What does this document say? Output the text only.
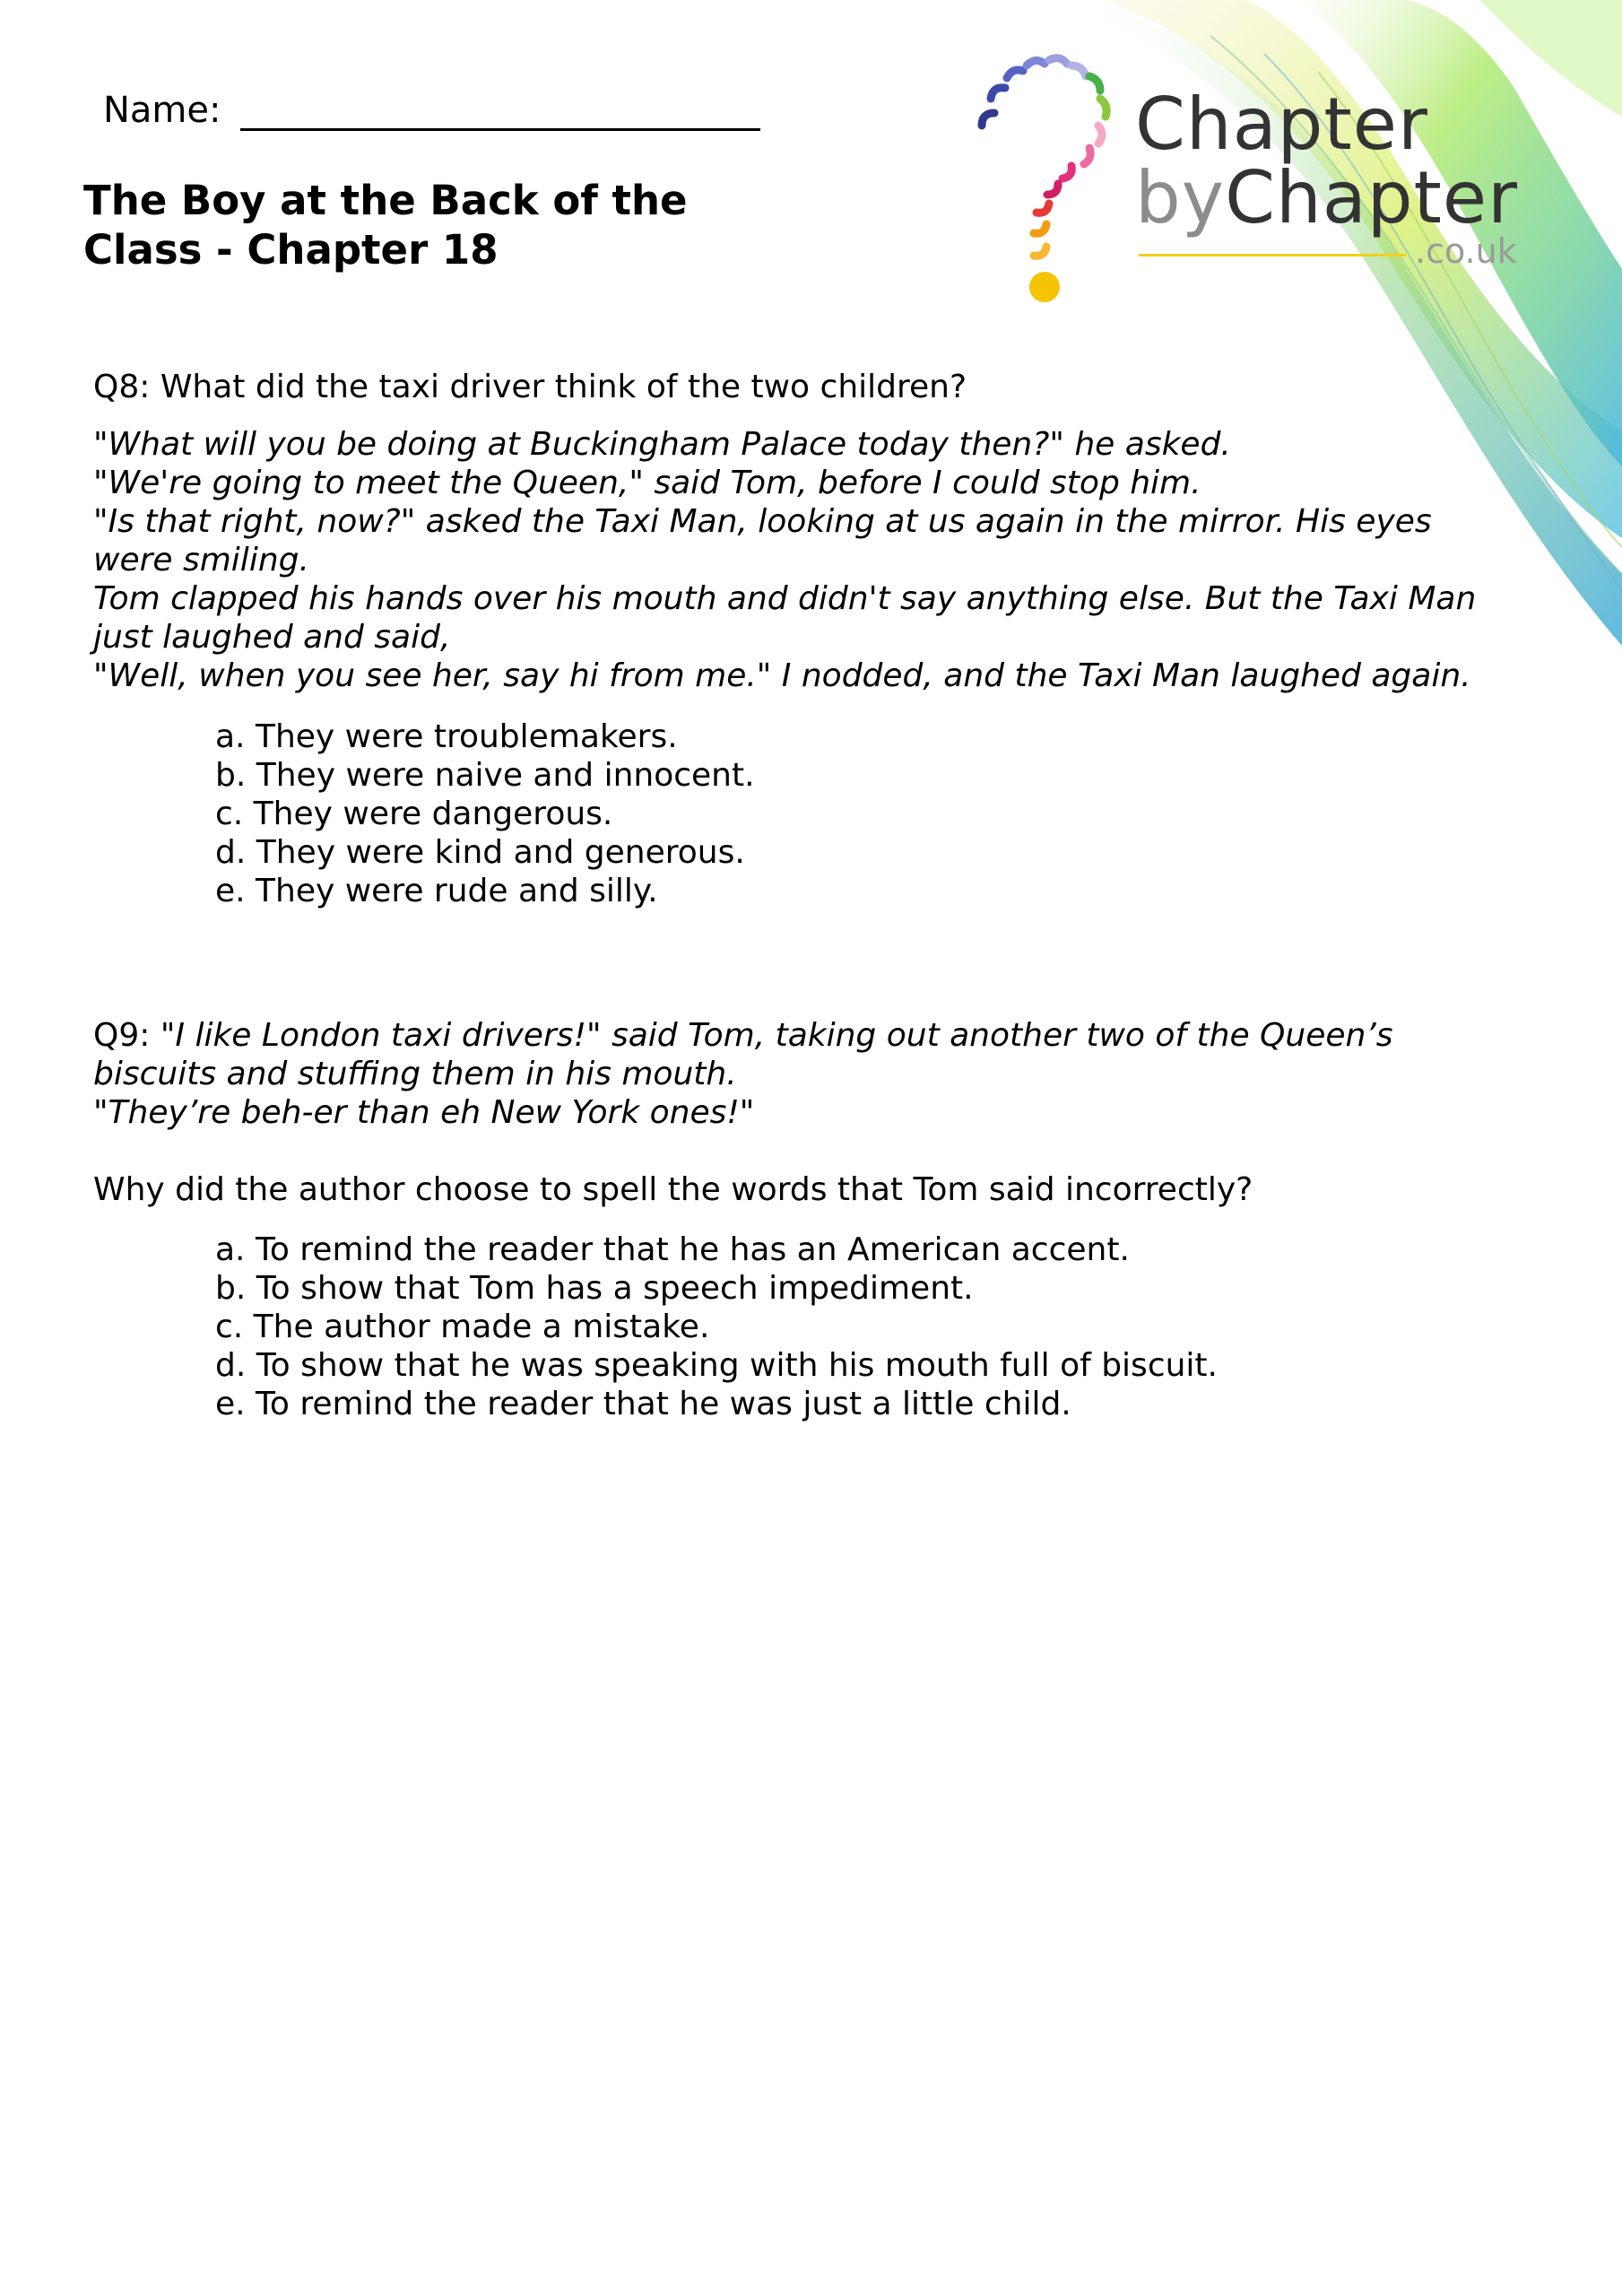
Name:
The Boy at the Back of the Class - Chapter 18
Chapter
byChapter
.co.uk
Q8: What did the taxi driver think of the two children?
"What will you be doing at Buckingham Palace today then?" he asked.
"We're going to meet the Queen," said Tom, before I could stop him.
"Is that right, now?" asked the Taxi Man, looking at us again in the mirror. His eyes
were smiling.
Tom clapped his hands over his mouth and didn't say anything else. But the Taxi Man
just laughed and said,
"Well, when you see her, say hi from me." I nodded, and the Taxi Man laughed again.
a. They were troublemakers.
b. They were naive and innocent.
c. They were dangerous.
d. They were kind and generous.
e. They were rude and silly.
Q9: "I like London taxi drivers!" said Tom, taking out another two of the Queen’s
biscuits and stuffing them in his mouth.
"They’re beh-er than eh New York ones!"
Why did the author choose to spell the words that Tom said incorrectly?
a. To remind the reader that he has an American accent.
b. To show that Tom has a speech impediment.
c. The author made a mistake.
d. To show that he was speaking with his mouth full of biscuit.
e. To remind the reader that he was just a little child.
